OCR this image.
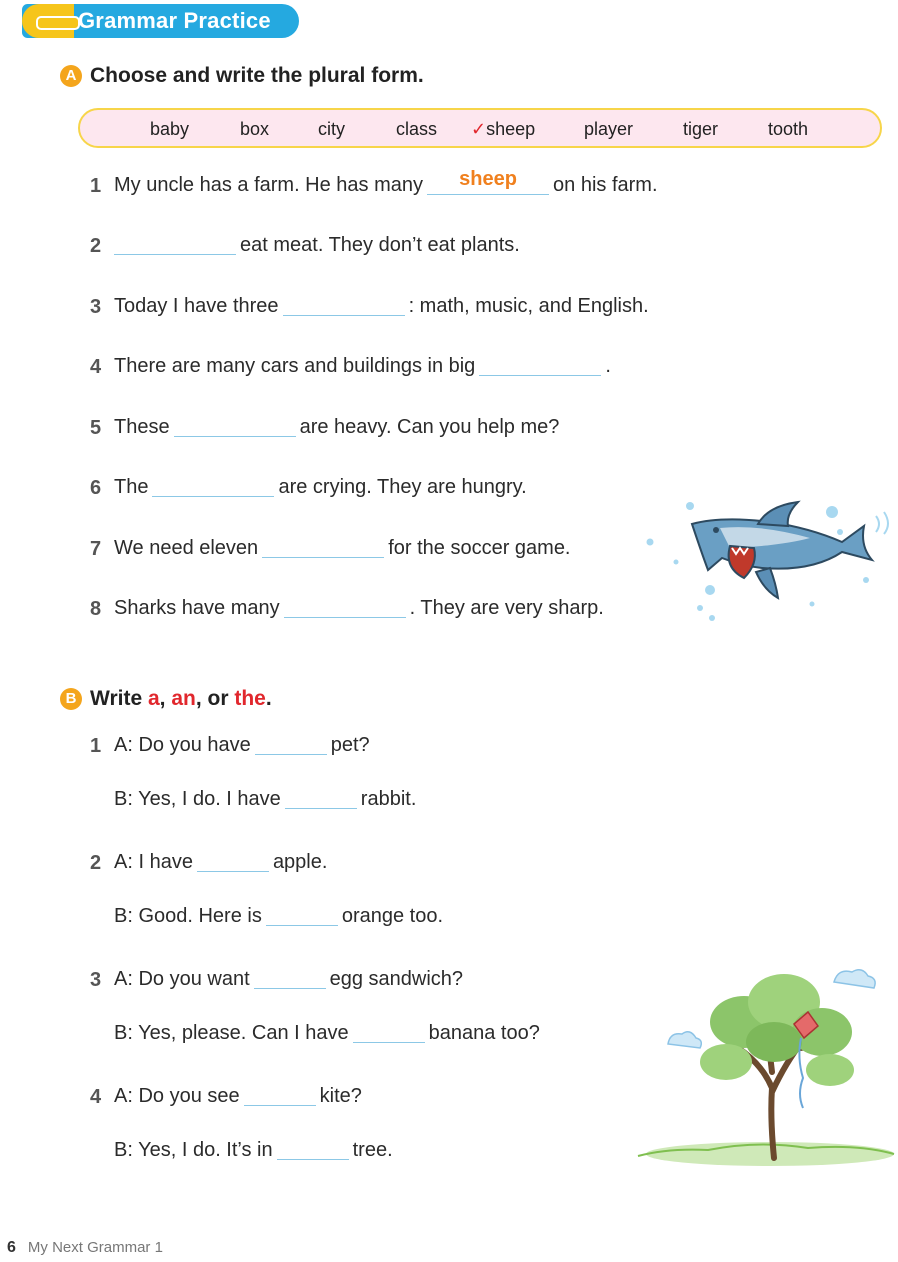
Grammar Practice
A Choose and write the plural form.
baby	box	city	class ✓sheep	player	tiger	tooth
1 My uncle has a farm. He has many	sheep	on his farm.
2	eat meat. They don’t eat plants.
3 Today I have three	: math, music, and English.
4 There are many cars and buildings in big	.
5 These	are heavy. Can you help me?
6 The	are crying. They are hungry.
7 We need eleven	for the soccer game.
8 Sharks have many	. They are very sharp.
B Write a, an, or the.
1 A: Do you have	pet?
B: Yes, I do. I have	rabbit.
2 A: I have	apple.
B: Good. Here is	orange too.
3 A: Do you want	egg sandwich?
B: Yes, please. Can I have	banana too?
4 A: Do you see	kite?
B: Yes, I do. It’s in	tree.
6 My Next Grammar 1
